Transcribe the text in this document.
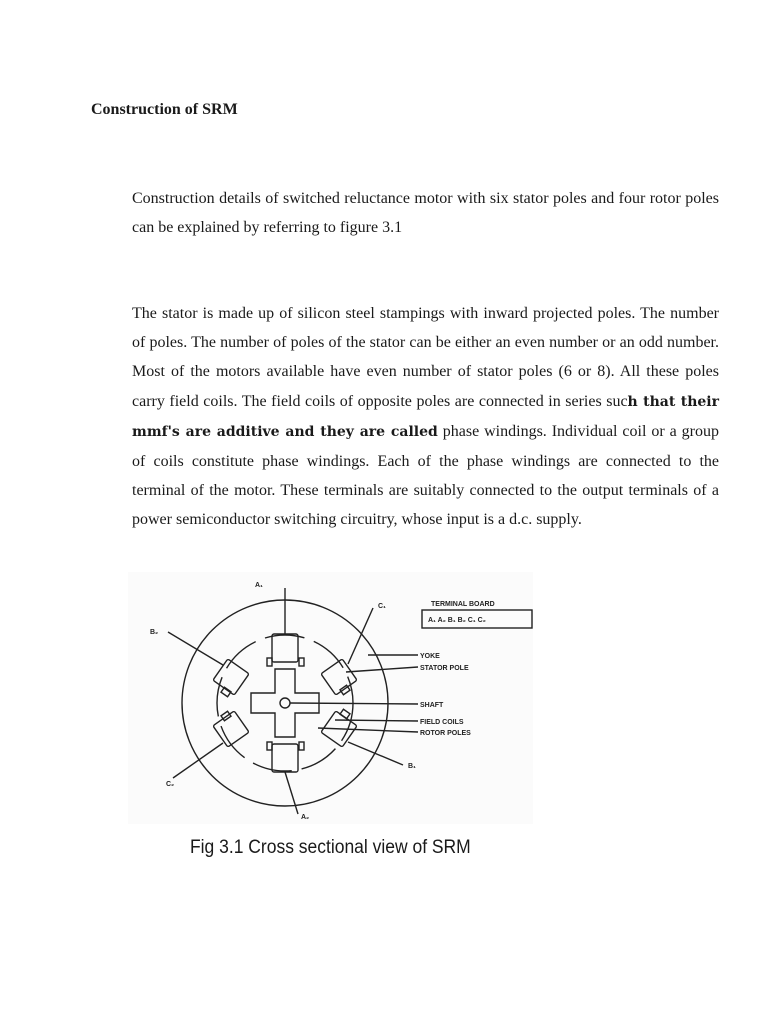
Construction of SRM

Construction details of switched reluctance motor with six stator poles and four rotor poles can be explained by referring to figure 3.1

The stator is made up of silicon steel stampings with inward projected poles. The number of poles. The number of poles of the stator can be either an even number or an odd number. Most of the motors available have even number of stator poles (6 or 8). All these poles carry field coils. The field coils of opposite poles are connected in series such that their mmf's are additive and they are called phase windings. Individual coil or a group of coils constitute phase windings. Each of the phase windings are connected to the terminal of the motor. These terminals are suitably connected to the output terminals of a power semiconductor switching circuitry, whose input is a d.c. supply.

TERMINAL BOARD
A₁ A₂ B₁ B₂ C₁ C₂
YOKE
STATOR POLE
SHAFT
FIELD COILS
ROTOR POLES
A₁
A₂
B₂
B₁
C₂
C₁

Fig 3.1 Cross sectional view of SRM
